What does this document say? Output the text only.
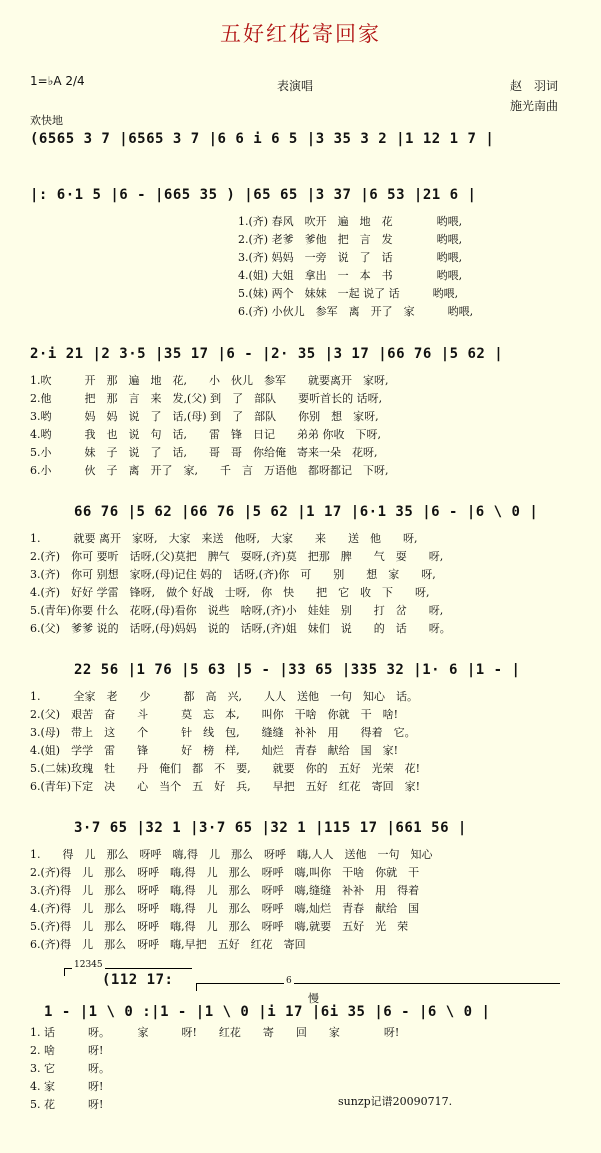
五好红花寄回家
1=♭A 2/4	表演唱	赵　羽词
施光南曲
欢快地
(6565 3 7 |6565 3 7 |6 6 i 6 5 |3 35 3 2 |1 12 1 7 |
|: 6·1 5 |6 - |665 35 ) |65 65 |3 37 |6 53 |21 6 |
1.(齐) 春风　吹开　遍　地　花　　　　哟喂,
2.(齐) 老爹　爹他　把　言　发　　　　哟喂,
3.(齐) 妈妈　一旁　说　了　话　　　　哟喂,
4.(姐) 大姐　拿出　一　本　书　　　　哟喂,
5.(妹) 两个　妹妹　一起 说了 话　　　哟喂,
6.(齐) 小伙儿　参军　离　开了　家　　　哟喂,
2·i 21 |2 3·5 |35 17 |6 - |2· 35 |3 17 |66 76 |5 62 |
1.吹　　　开　那　遍　地　花,　　小　伙儿　参军　　就要离开　家呀,
2.他　　　把　那　言　来　发,(父) 到　了　部队　　要听首长的 话呀,
3.哟　　　妈　妈　说　了　话,(母) 到　了　部队　　你别　想　家呀,
4.哟　　　我　也　说　句　话,　　雷　锋　日记　　弟弟 你收　下呀,
5.小　　　妹　子　说　了　话,　　哥　哥　你给俺　寄来一朵　花呀,
6.小　　　伙　子　离　开了　家,　　千　言　万语他　都呀都记　下呀,
66 76 |5 62 |66 76 |5 62 |1 17 |6·1 35 |6 - |6 \ 0 |
1.　　　就要 离开　家呀,　大家　来送　他呀,　大家　　来　　送　他　　呀,
2.(齐)　你可 要听　话呀,(父)莫把　脾气　耍呀,(齐)莫　把那　脾　　气　耍　　呀,
3.(齐)　你可 别想　家呀,(母)记住 妈的　话呀,(齐)你　可　　别　　想　家　　呀,
4.(齐)　好好 学雷　锋呀,　做个 好战　士呀,　你　快　　把　它　收　下　　呀,
5.(青年)你要 什么　花呀,(母)看你　说些　啥呀,(齐)小　娃娃　别　　打　岔　　呀,
6.(父)　爹爹 说的　话呀,(母)妈妈　说的　话呀,(齐)姐　妹们　说　　的　话　　呀。
22 56 |1 76 |5 63 |5 - |33 65 |335 32 |1· 6 |1 - |
1.　　　全家　老　　少　　　都　高　兴,　　人人　送他　一句　知心　话。
2.(父)　艰苦　奋　　斗　　　莫　忘　本,　　叫你　干啥　你就　干　啥!
3.(母)　带上　这　　个　　　针　线　包,　　缝缝　补补　用　　得着　它。
4.(姐)　学学　雷　　锋　　　好　榜　样,　　灿烂　青春　献给　国　家!
5.(二妹)玫瑰　牡　　丹　俺们　都　不　要,　　就要　你的　五好　光荣　花!
6.(青年)下定　决　　心　当个　五　好　兵,　　早把　五好　红花　寄回　家!
3·7 65 |32 1 |3·7 65 |32 1 |115 17 |661 56 |
1.　　得　儿　那么　呀呼　嗨,得　儿　那么　呀呼　嗨,人人　送他　一句　知心
2.(齐)得　儿　那么　呀呼　嗨,得　儿　那么　呀呼　嗨,叫你　干啥　你就　干
3.(齐)得　儿　那么　呀呼　嗨,得　儿　那么　呀呼　嗨,缝缝　补补　用　得着
4.(齐)得　儿　那么　呀呼　嗨,得　儿　那么　呀呼　嗨,灿烂　青春　献给　国
5.(齐)得　儿　那么　呀呼　嗨,得　儿　那么　呀呼　嗨,就要　五好　光　荣
6.(齐)得　儿　那么　呀呼　嗨,早把　五好　红花　寄回
12345
(112 17:	6
慢
1 - |1 \ 0 :|1 - |1 \ 0 |i 17 |6i 35 |6 - |6 \ 0 |
1. 话　　　呀。　　　家　　　呀!　　红花　　寄　　回　　家　　　　呀!
2. 啥　　　呀!
3. 它　　　呀。
4. 家　　　呀!
5. 花　　　呀!	sunzp记谱20090717.
